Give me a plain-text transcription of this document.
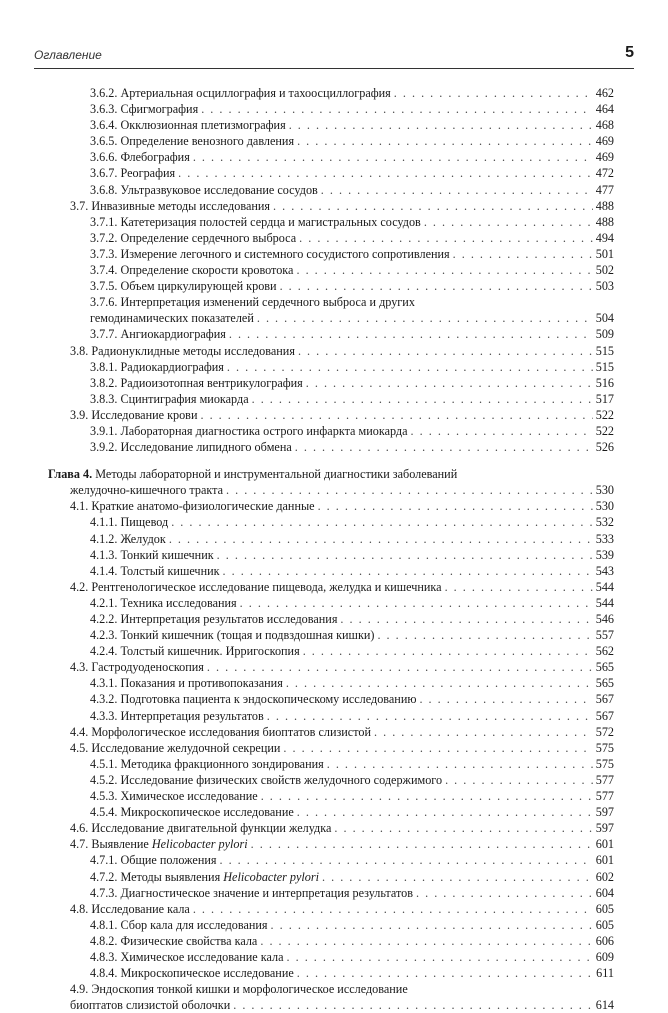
Оглавление	5
3.6.2. Артериальная осциллография и тахоосциллография . . .	462
3.6.3. Сфигмография . . .	464
3.6.4. Окклюзионная плетизмография . . .	468
3.6.5. Определение венозного давления . . .	469
3.6.6. Флебография . . .	469
3.6.7. Реография . . .	472
3.6.8. Ультразвуковое исследование сосудов . . .	477
3.7. Инвазивные методы исследования . . .	488
3.7.1. Катетеризация полостей сердца и магистральных сосудов . . .	488
3.7.2. Определение сердечного выброса . . .	494
3.7.3. Измерение легочного и системного сосудистого сопротивления . . .	501
3.7.4. Определение скорости кровотока . . .	502
3.7.5. Объем циркулирующей крови . . .	503
3.7.6. Интерпретация изменений сердечного выброса и других
гемодинамических показателей . . .	504
3.7.7. Ангиокардиография . . .	509
3.8. Радионуклидные методы исследования . . .	515
3.8.1. Радиокардиография . . .	515
3.8.2. Радиоизотопная вентрикулография . . .	516
3.8.3. Сцинтиграфия миокарда . . .	517
3.9. Исследование крови . . .	522
3.9.1. Лабораторная диагностика острого инфаркта миокарда . . .	522
3.9.2. Исследование липидного обмена . . .	526
Глава 4. Методы лабораторной и инструментальной диагностики заболеваний
желудочно-кишечного тракта . . .	530
4.1. Краткие анатомо-физиологические данные . . .	530
4.1.1. Пищевод . . .	532
4.1.2. Желудок . . .	533
4.1.3. Тонкий кишечник . . .	539
4.1.4. Толстый кишечник . . .	543
4.2. Рентгенологическое исследование пищевода, желудка и кишечника . . .	544
4.2.1. Техника исследования . . .	544
4.2.2. Интерпретация результатов исследования . . .	546
4.2.3. Тонкий кишечник (тощая и подвздошная кишки) . . .	557
4.2.4. Толстый кишечник. Ирригоскопия . . .	562
4.3. Гастродуоденоскопия . . .	565
4.3.1. Показания и противопоказания . . .	565
4.3.2. Подготовка пациента к эндоскопическому исследованию . . .	567
4.3.3. Интерпретация результатов . . .	567
4.4. Морфологическое исследования биоптатов слизистой . . .	572
4.5. Исследование желудочной секреции . . .	575
4.5.1. Методика фракционного зондирования . . .	575
4.5.2. Исследование физических свойств желудочного содержимого . . .	577
4.5.3. Химическое исследование . . .	577
4.5.4. Микроскопическое исследование . . .	597
4.6. Исследование двигательной функции желудка . . .	597
4.7. Выявление Helicobacter pylori . . .	601
4.7.1. Общие положения . . .	601
4.7.2. Методы выявления Helicobacter pylori . . .	602
4.7.3. Диагностическое значение и интерпретация результатов . . .	604
4.8. Исследование кала . . .	605
4.8.1. Сбор кала для исследования . . .	605
4.8.2. Физические свойства кала . . .	606
4.8.3. Химическое исследование кала . . .	609
4.8.4. Микроскопическое исследование . . .	611
4.9. Эндоскопия тонкой кишки и морфологическое исследование
биоптатов слизистой оболочки . . .	614
